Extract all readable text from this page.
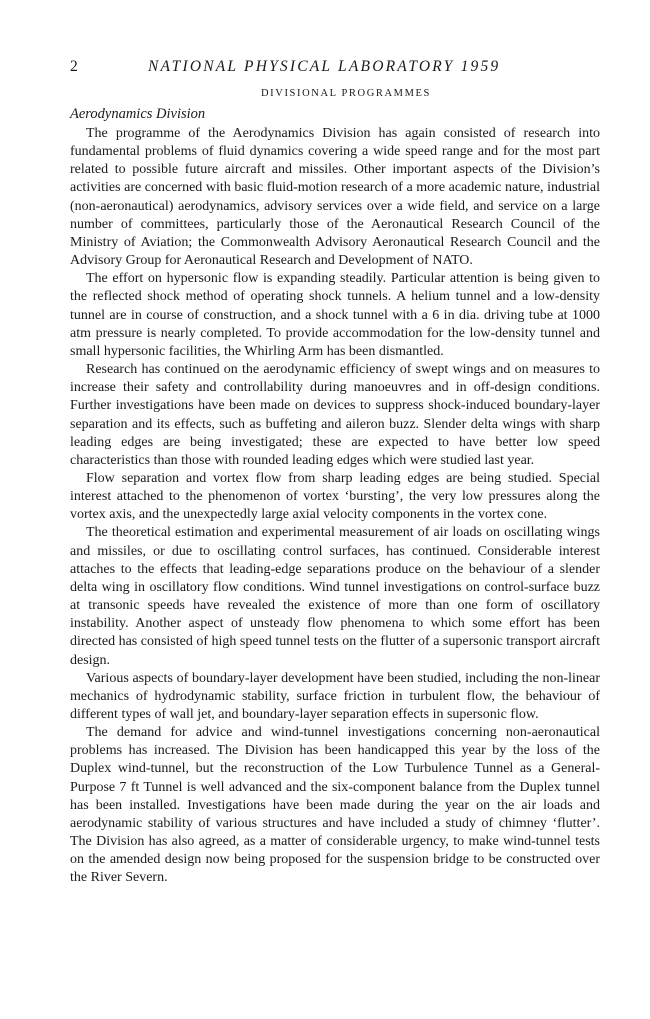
2	NATIONAL PHYSICAL LABORATORY 1959
DIVISIONAL PROGRAMMES
Aerodynamics Division

The programme of the Aerodynamics Division has again consisted of research into fundamental problems of fluid dynamics covering a wide speed range and for the most part related to possible future aircraft and missiles. Other important aspects of the Division’s activities are concerned with basic fluid-motion research of a more academic nature, industrial (non-aeronautical) aerodynamics, advisory services over a wide field, and service on a large number of committees, particularly those of the Aeronautical Research Council of the Ministry of Aviation; the Commonwealth Advisory Aeronautical Research Council and the Advisory Group for Aeronautical Research and Development of NATO.

The effort on hypersonic flow is expanding steadily. Particular attention is being given to the reflected shock method of operating shock tunnels. A helium tunnel and a low-density tunnel are in course of construction, and a shock tunnel with a 6 in dia. driving tube at 1000 atm pressure is nearly completed. To provide accommodation for the low-density tunnel and small hypersonic facilities, the Whirling Arm has been dismantled.

Research has continued on the aerodynamic efficiency of swept wings and on measures to increase their safety and controllability during manoeuvres and in off-design conditions. Further investigations have been made on devices to suppress shock-induced boundary-layer separation and its effects, such as buffeting and aileron buzz. Slender delta wings with sharp leading edges are being investigated; these are expected to have better low speed characteristics than those with rounded leading edges which were studied last year.

Flow separation and vortex flow from sharp leading edges are being studied. Special interest attached to the phenomenon of vortex ‘bursting’, the very low pressures along the vortex axis, and the unexpectedly large axial velocity components in the vortex cone.

The theoretical estimation and experimental measurement of air loads on oscillating wings and missiles, or due to oscillating control surfaces, has continued. Considerable interest attaches to the effects that leading-edge separations produce on the behaviour of a slender delta wing in oscillatory flow conditions. Wind tunnel investigations on control-surface buzz at transonic speeds have revealed the existence of more than one form of oscillatory instability. Another aspect of unsteady flow phenomena to which some effort has been directed has consisted of high speed tunnel tests on the flutter of a supersonic transport aircraft design.

Various aspects of boundary-layer development have been studied, including the non-linear mechanics of hydrodynamic stability, surface friction in turbulent flow, the behaviour of different types of wall jet, and boundary-layer separation effects in supersonic flow.

The demand for advice and wind-tunnel investigations concerning non-aeronautical problems has increased. The Division has been handicapped this year by the loss of the Duplex wind-tunnel, but the reconstruction of the Low Turbulence Tunnel as a General-Purpose 7 ft Tunnel is well advanced and the six-component balance from the Duplex tunnel has been installed. Investigations have been made during the year on the air loads and aerodynamic stability of various structures and have included a study of chimney ‘flutter’. The Division has also agreed, as a matter of considerable urgency, to make wind-tunnel tests on the amended design now being proposed for the suspension bridge to be constructed over the River Severn.
